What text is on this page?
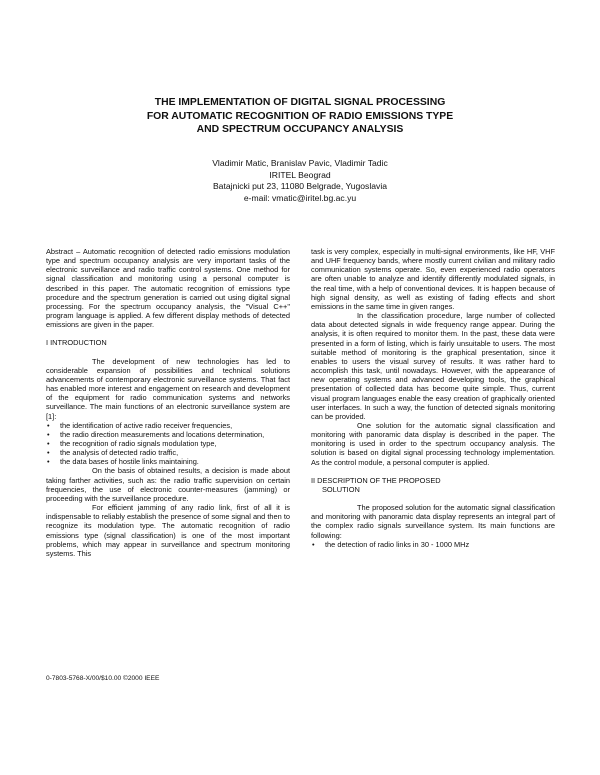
THE IMPLEMENTATION OF DIGITAL SIGNAL PROCESSING
FOR AUTOMATIC RECOGNITION OF RADIO EMISSIONS TYPE
AND SPECTRUM OCCUPANCY ANALYSIS
Vladimir Matic, Branislav Pavic, Vladimir Tadic
IRITEL Beograd
Batajnicki put 23, 11080 Belgrade, Yugoslavia
e-mail: vmatic@iritel.bg.ac.yu

Abstract – Automatic recognition of detected radio emissions modulation type and spectrum occupancy analysis are very important tasks of the electronic surveillance and radio traffic control systems. One method for signal classification and monitoring using a personal computer is described in this paper. The automatic recognition of emissions type procedure and the spectrum generation is carried out using digital signal processing. For the spectrum occupancy analysis, the "Visual C++" program language is applied. A few different display methods of detected emissions are given in the paper.

I INTRODUCTION

The development of new technologies has led to considerable expansion of possibilities and technical solutions advancements of contemporary electronic surveillance systems. That fact has enabled more interest and engagement on research and development of the equipment for radio communication systems and networks surveillance. The main functions of an electronic surveillance system are [1]:

• the identification of active radio receiver frequencies,
• the radio direction measurements and locations determination,
• the recognition of radio signals modulation type,
• the analysis of detected radio traffic,
• the data bases of hostile links maintaining.

On the basis of obtained results, a decision is made about taking farther activities, such as: the radio traffic supervision on certain frequencies, the use of electronic counter-measures (jamming) or proceeding with the surveillance procedure.

For efficient jamming of any radio link, first of all it is indispensable to reliably establish the presence of some signal and then to recognize its modulation type. The automatic recognition of radio emissions type (signal classification) is one of the most important problems, which may appear in surveillance and spectrum monitoring systems. This

task is very complex, especially in multi-signal environments, like HF, VHF and UHF frequency bands, where mostly current civilian and military radio communication systems operate. So, even experienced radio operators are often unable to analyze and identify differently modulated signals, in the real time, with a help of conventional devices. It is happen because of high signal density, as well as existing of fading effects and short emissions in the same time in given ranges.

In the classification procedure, large number of collected data about detected signals in wide frequency range appear. During the analysis, it is often required to monitor them. In the past, these data were presented in a form of listing, which is fairly unsuitable to users. The most suitable method of monitoring is the graphical presentation, since it enables to users the visual survey of results. It was rather hard to accomplish this task, until nowadays. However, with the appearance of new operating systems and advanced developing tools, the graphical presentation of collected data has become quite simple. Thus, current visual program languages enable the easy creation of graphically oriented user interfaces. In such a way, the function of detected signals monitoring can be provided.

One solution for the automatic signal classification and monitoring with panoramic data display is described in the paper. The monitoring is used in order to the spectrum occupancy analysis. The solution is based on digital signal processing technology implementation. As the control module, a personal computer is applied.

II DESCRIPTION OF THE PROPOSED

SOLUTION

The proposed solution for the automatic signal classification and monitoring with panoramic data display represents an integral part of the complex radio signals surveillance system. Its main functions are following:

• the detection of radio links in 30 - 1000 MHz
0-7803-5768-X/00/$10.00 ©2000 IEEE
